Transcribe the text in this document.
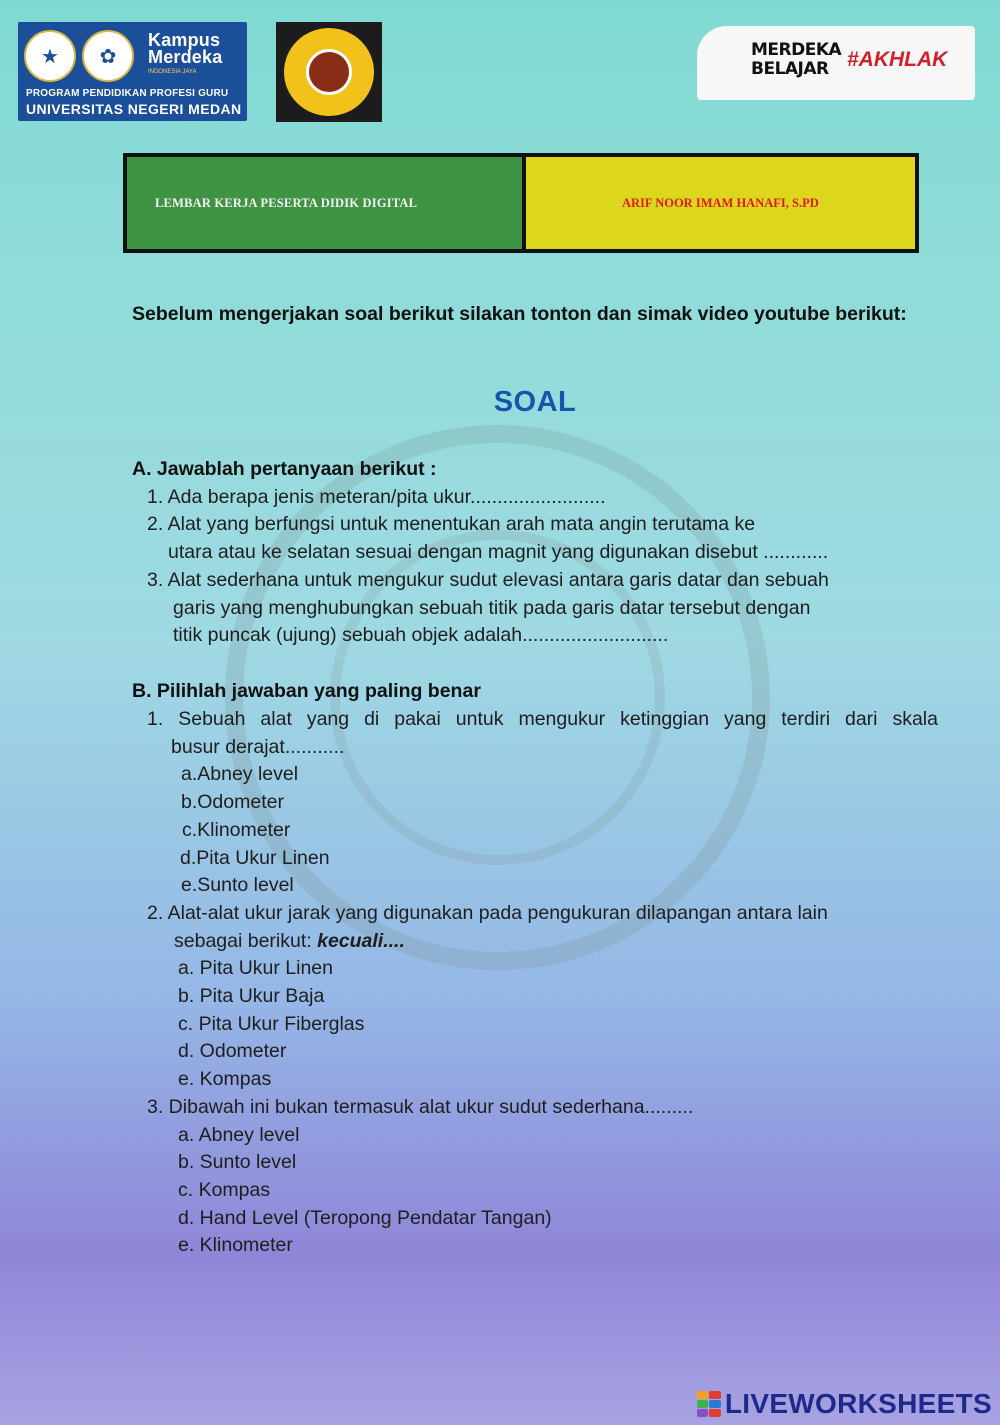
★	✿
Kampus Merdeka
INDONESIA JAYA
PROGRAM PENDIDIKAN PROFESI GURU
UNIVERSITAS NEGERI MEDAN
MERDEKA BELAJAR #AKHLAK
LEMBAR KERJA PESERTA DIDIK DIGITAL	ARIF NOOR IMAM HANAFI, S.PD
Sebelum mengerjakan soal berikut silakan tonton dan simak video youtube berikut:
SOAL
A. Jawablah pertanyaan berikut :
1. Ada berapa jenis meteran/pita ukur.........................
2. Alat yang berfungsi untuk menentukan arah mata angin terutama ke
utara atau ke selatan sesuai dengan magnit yang digunakan disebut ............
3. Alat sederhana untuk mengukur sudut elevasi antara garis datar dan sebuah
garis yang menghubungkan sebuah titik pada garis datar tersebut dengan
titik puncak (ujung) sebuah objek adalah...........................
B. Pilihlah jawaban yang paling benar
1. Sebuah alat yang di pakai untuk mengukur ketinggian yang terdiri dari skala
busur derajat...........
a.Abney level
b.Odometer
c.Klinometer
d.Pita Ukur Linen
e.Sunto level
2. Alat-alat ukur jarak yang digunakan pada pengukuran dilapangan antara lain
sebagai berikut: kecuali....
a. Pita Ukur Linen
b. Pita Ukur Baja
c. Pita Ukur Fiberglas
d. Odometer
e. Kompas
3. Dibawah ini bukan termasuk alat ukur sudut sederhana.........
a. Abney level
b. Sunto level
c. Kompas
d. Hand Level (Teropong Pendatar Tangan)
e. Klinometer
LIVEWORKSHEETS
